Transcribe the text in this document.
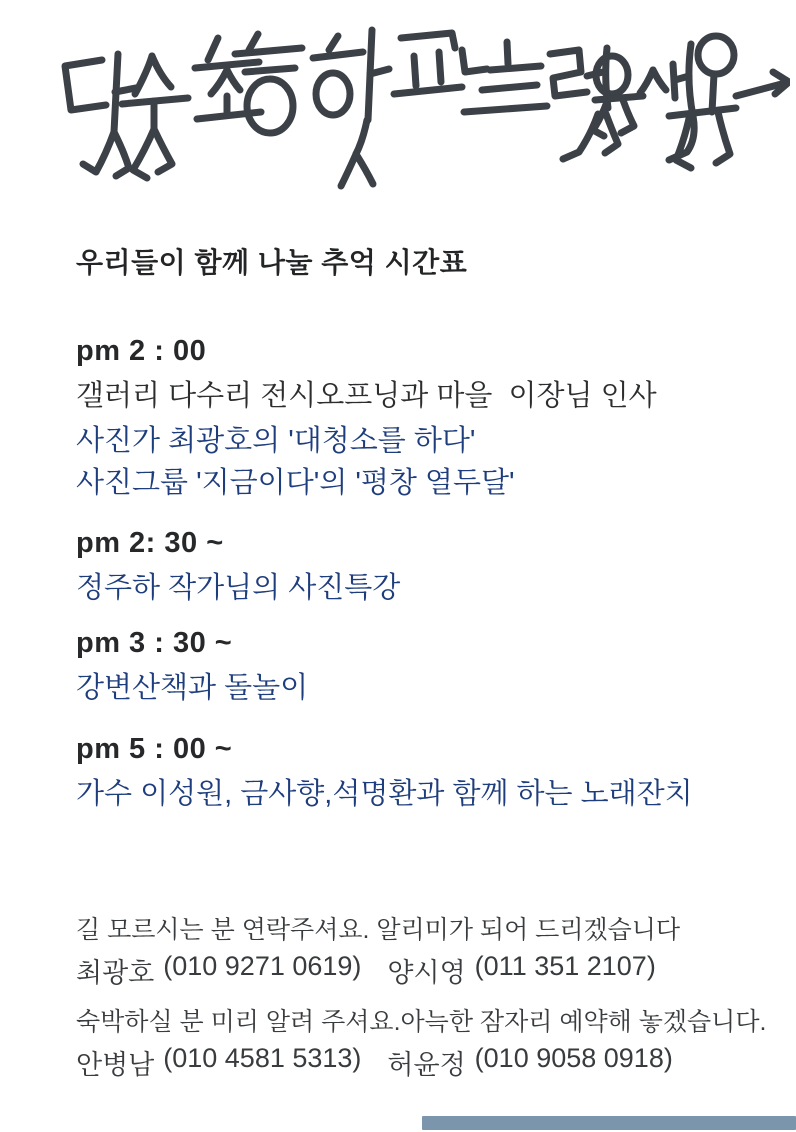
우리들이 함께 나눌 추억 시간표
pm 2 : 00
갤러리 다수리 전시오프닝과 마을  이장님 인사
사진가 최광호의 '대청소를 하다'
사진그룹 '지금이다'의 '평창 열두달'
pm 2: 30 ~
정주하 작가님의 사진특강
pm 3 : 30 ~
강변산책과 돌놀이
pm 5 : 00 ~
가수 이성원, 금사향,석명환과 함께 하는 노래잔치
길 모르시는 분 연락주셔요. 알리미가 되어 드리겠습니다
최광호 (010 9271 0619) 양시영 (011 351 2107)
숙박하실 분 미리 알려 주셔요.아늑한 잠자리 예약해 놓겠습니다.
안병남 (010 4581 5313) 허윤정 (010 9058 0918)
